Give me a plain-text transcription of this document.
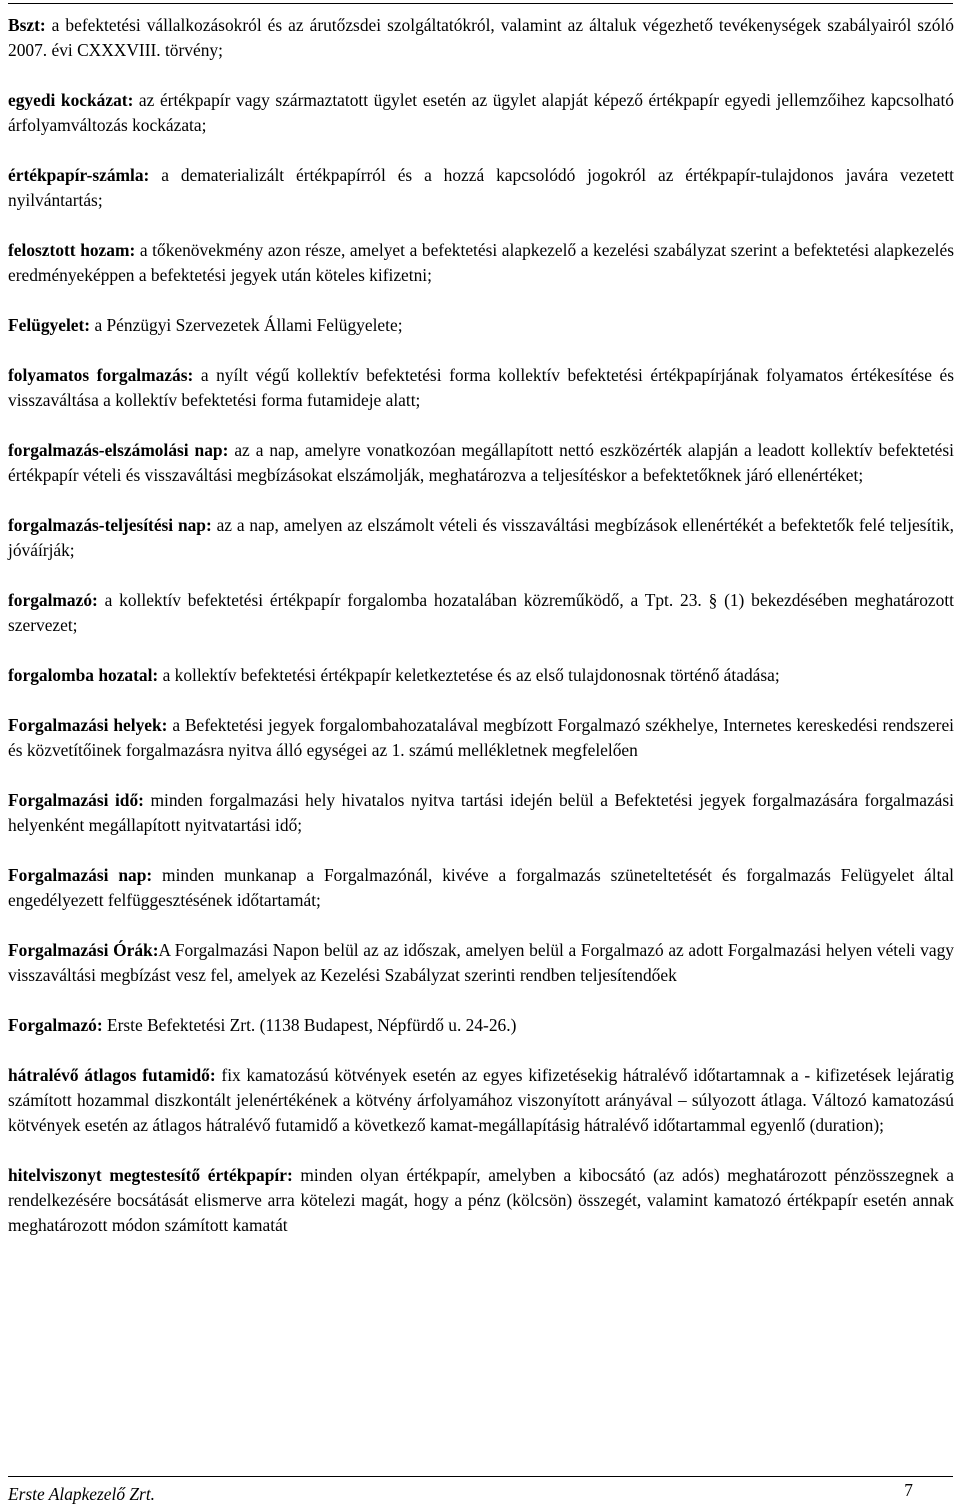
Bszt: a befektetési vállalkozásokról és az árutőzsdei szolgáltatókról, valamint az általuk végezhető tevékenységek szabályairól szóló 2007. évi CXXXVIII. törvény;

egyedi kockázat: az értékpapír vagy származtatott ügylet esetén az ügylet alapját képező értékpapír egyedi jellemzőihez kapcsolható árfolyamváltozás kockázata;

értékpapír-számla: a dematerializált értékpapírról és a hozzá kapcsolódó jogokról az értékpapír-tulajdonos javára vezetett nyilvántartás;

felosztott hozam: a tőkenövekmény azon része, amelyet a befektetési alapkezelő a kezelési szabályzat szerint a befektetési alapkezelés eredményeképpen a befektetési jegyek után köteles kifizetni;

Felügyelet: a Pénzügyi Szervezetek Állami Felügyelete;

folyamatos forgalmazás: a nyílt végű kollektív befektetési forma kollektív befektetési értékpapírjának folyamatos értékesítése és visszaváltása a kollektív befektetési forma futamideje alatt;

forgalmazás-elszámolási nap: az a nap, amelyre vonatkozóan megállapított nettó eszközérték alapján a leadott kollektív befektetési értékpapír vételi és visszaváltási megbízásokat elszámolják, meghatározva a teljesítéskor a befektetőknek járó ellenértéket;

forgalmazás-teljesítési nap: az a nap, amelyen az elszámolt vételi és visszaváltási megbízások ellenértékét a befektetők felé teljesítik, jóváírják;

forgalmazó: a kollektív befektetési értékpapír forgalomba hozatalában közreműködő, a Tpt. 23. § (1) bekezdésében meghatározott szervezet;

forgalomba hozatal: a kollektív befektetési értékpapír keletkeztetése és az első tulajdonosnak történő átadása;

Forgalmazási helyek: a Befektetési jegyek forgalombahozatalával megbízott Forgalmazó székhelye, Internetes kereskedési rendszerei és közvetítőinek forgalmazásra nyitva álló egységei az 1. számú mellékletnek megfelelően

Forgalmazási idő: minden forgalmazási hely hivatalos nyitva tartási idején belül a Befektetési jegyek forgalmazására forgalmazási helyenként megállapított nyitvatartási idő;

Forgalmazási nap: minden munkanap a Forgalmazónál, kivéve a forgalmazás szüneteltetését és forgalmazás Felügyelet által engedélyezett felfüggesztésének időtartamát;

Forgalmazási Órák:A Forgalmazási Napon belül az az időszak, amelyen belül a Forgalmazó az adott Forgalmazási helyen vételi vagy visszaváltási megbízást vesz fel, amelyek az Kezelési Szabályzat szerinti rendben teljesítendőek

Forgalmazó: Erste Befektetési Zrt. (1138 Budapest, Népfürdő u. 24-26.)

hátralévő átlagos futamidő: fix kamatozású kötvények esetén az egyes kifizetésekig hátralévő időtartamnak a - kifizetések lejáratig számított hozammal diszkontált jelenértékének a kötvény árfolyamához viszonyított arányával – súlyozott átlaga. Változó kamatozású kötvények esetén az átlagos hátralévő futamidő a következő kamat-megállapításig hátralévő időtartammal egyenlő (duration);

hitelviszonyt megtestesítő értékpapír: minden olyan értékpapír, amelyben a kibocsátó (az adós) meghatározott pénzösszegnek a rendelkezésére bocsátását elismerve arra kötelezi magát, hogy a pénz (kölcsön) összegét, valamint kamatozó értékpapír esetén annak meghatározott módon számított kamatát

Erste Alapkezelő Zrt.	7
